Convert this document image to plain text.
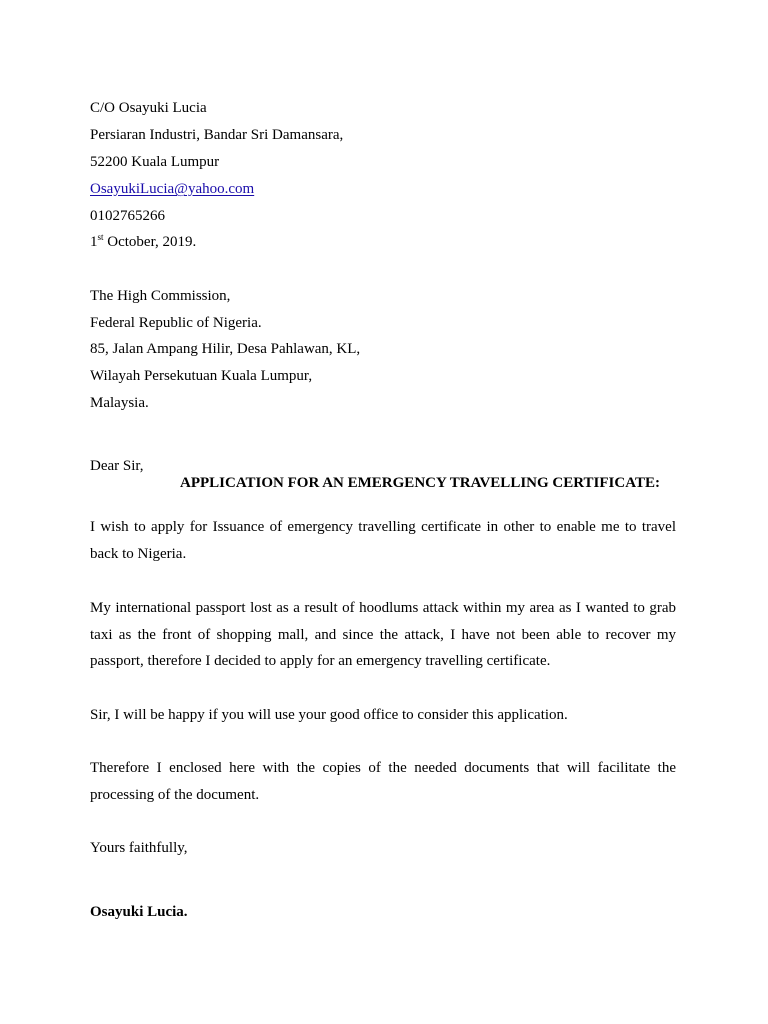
C/O Osayuki Lucia
Persiaran Industri, Bandar Sri Damansara,
52200 Kuala Lumpur
OsayukiLucia@yahoo.com
0102765266
1st October, 2019.
The High Commission,
Federal Republic of Nigeria.
85, Jalan Ampang Hilir, Desa Pahlawan, KL,
Wilayah Persekutuan Kuala Lumpur,
Malaysia.
Dear Sir,
APPLICATION FOR AN EMERGENCY TRAVELLING CERTIFICATE:
I wish to apply for Issuance of emergency travelling certificate in other to enable me to travel back to Nigeria.
My international passport lost as a result of hoodlums attack within my area as I wanted to grab taxi as the front of shopping mall, and since the attack, I have not been able to recover my passport, therefore I decided to apply for an emergency travelling certificate.
Sir, I will be happy if you will use your good office to consider this application.
Therefore I enclosed here with the copies of the needed documents that will facilitate the processing of the document.
Yours faithfully,
Osayuki Lucia.
